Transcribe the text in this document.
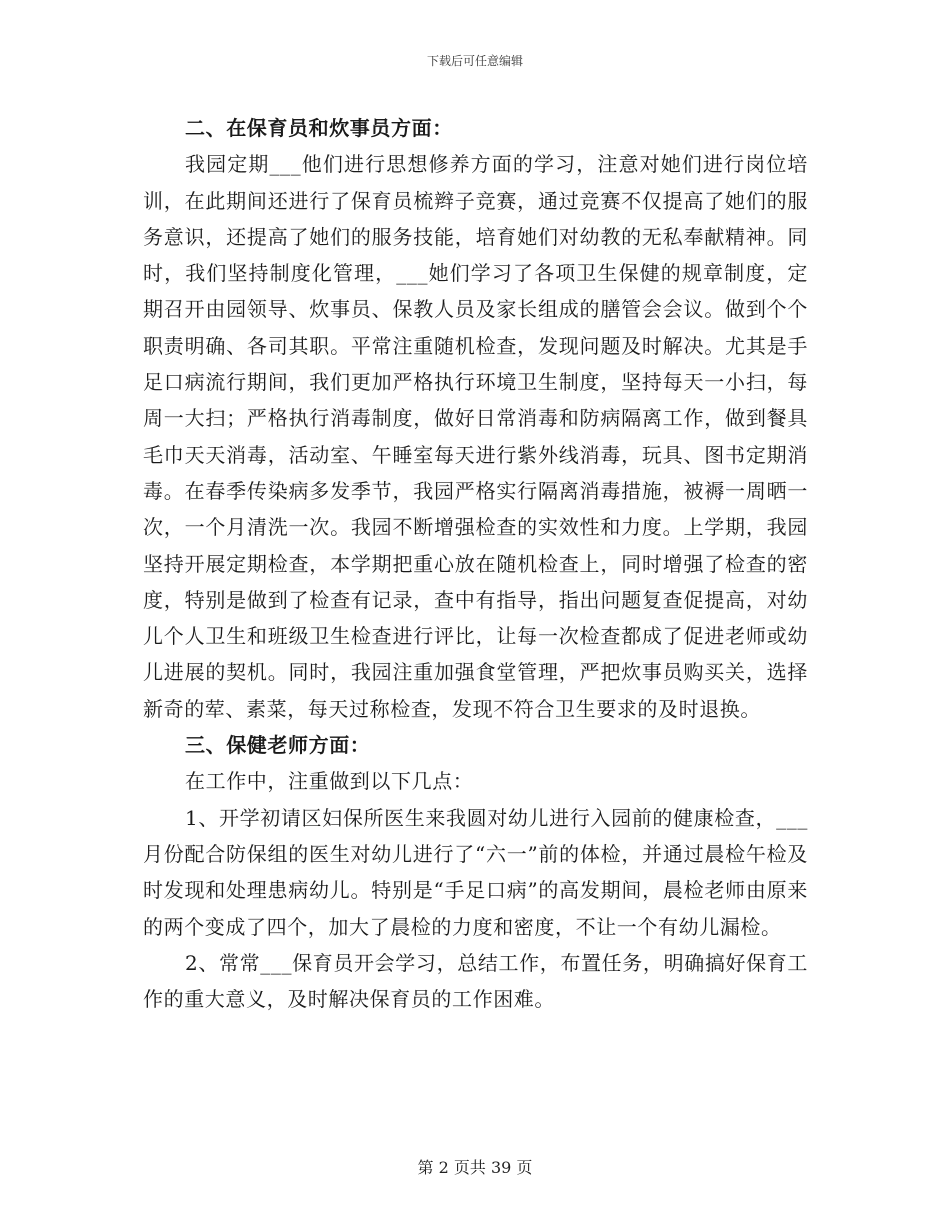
下载后可任意编辑

二、在保育员和炊事员方面：

我园定期___他们进行思想修养方面的学习，注意对她们进行岗位培训，在此期间还进行了保育员梳辫子竞赛，通过竞赛不仅提高了她们的服务意识，还提高了她们的服务技能，培育她们对幼教的无私奉献精神。同时，我们坚持制度化管理，___她们学习了各项卫生保健的规章制度，定期召开由园领导、炊事员、保教人员及家长组成的膳管会会议。做到个个职责明确、各司其职。平常注重随机检查，发现问题及时解决。尤其是手足口病流行期间，我们更加严格执行环境卫生制度，坚持每天一小扫，每周一大扫；严格执行消毒制度，做好日常消毒和防病隔离工作，做到餐具毛巾天天消毒，活动室、午睡室每天进行紫外线消毒，玩具、图书定期消毒。在春季传染病多发季节，我园严格实行隔离消毒措施，被褥一周晒一次，一个月清洗一次。我园不断增强检查的实效性和力度。上学期，我园坚持开展定期检查，本学期把重心放在随机检查上，同时增强了检查的密度，特别是做到了检查有记录，查中有指导，指出问题复查促提高，对幼儿个人卫生和班级卫生检查进行评比，让每一次检查都成了促进老师或幼儿进展的契机。同时，我园注重加强食堂管理，严把炊事员购买关，选择新奇的荤、素菜，每天过称检查，发现不符合卫生要求的及时退换。

三、保健老师方面：

在工作中，注重做到以下几点：

1、开学初请区妇保所医生来我圆对幼儿进行入园前的健康检查，___月份配合防保组的医生对幼儿进行了“六一”前的体检，并通过晨检午检及时发现和处理患病幼儿。特别是“手足口病”的高发期间，晨检老师由原来的两个变成了四个，加大了晨检的力度和密度，不让一个有幼儿漏检。

2、常常___保育员开会学习，总结工作，布置任务，明确搞好保育工作的重大意义，及时解决保育员的工作困难。

第 2 页共 39 页
